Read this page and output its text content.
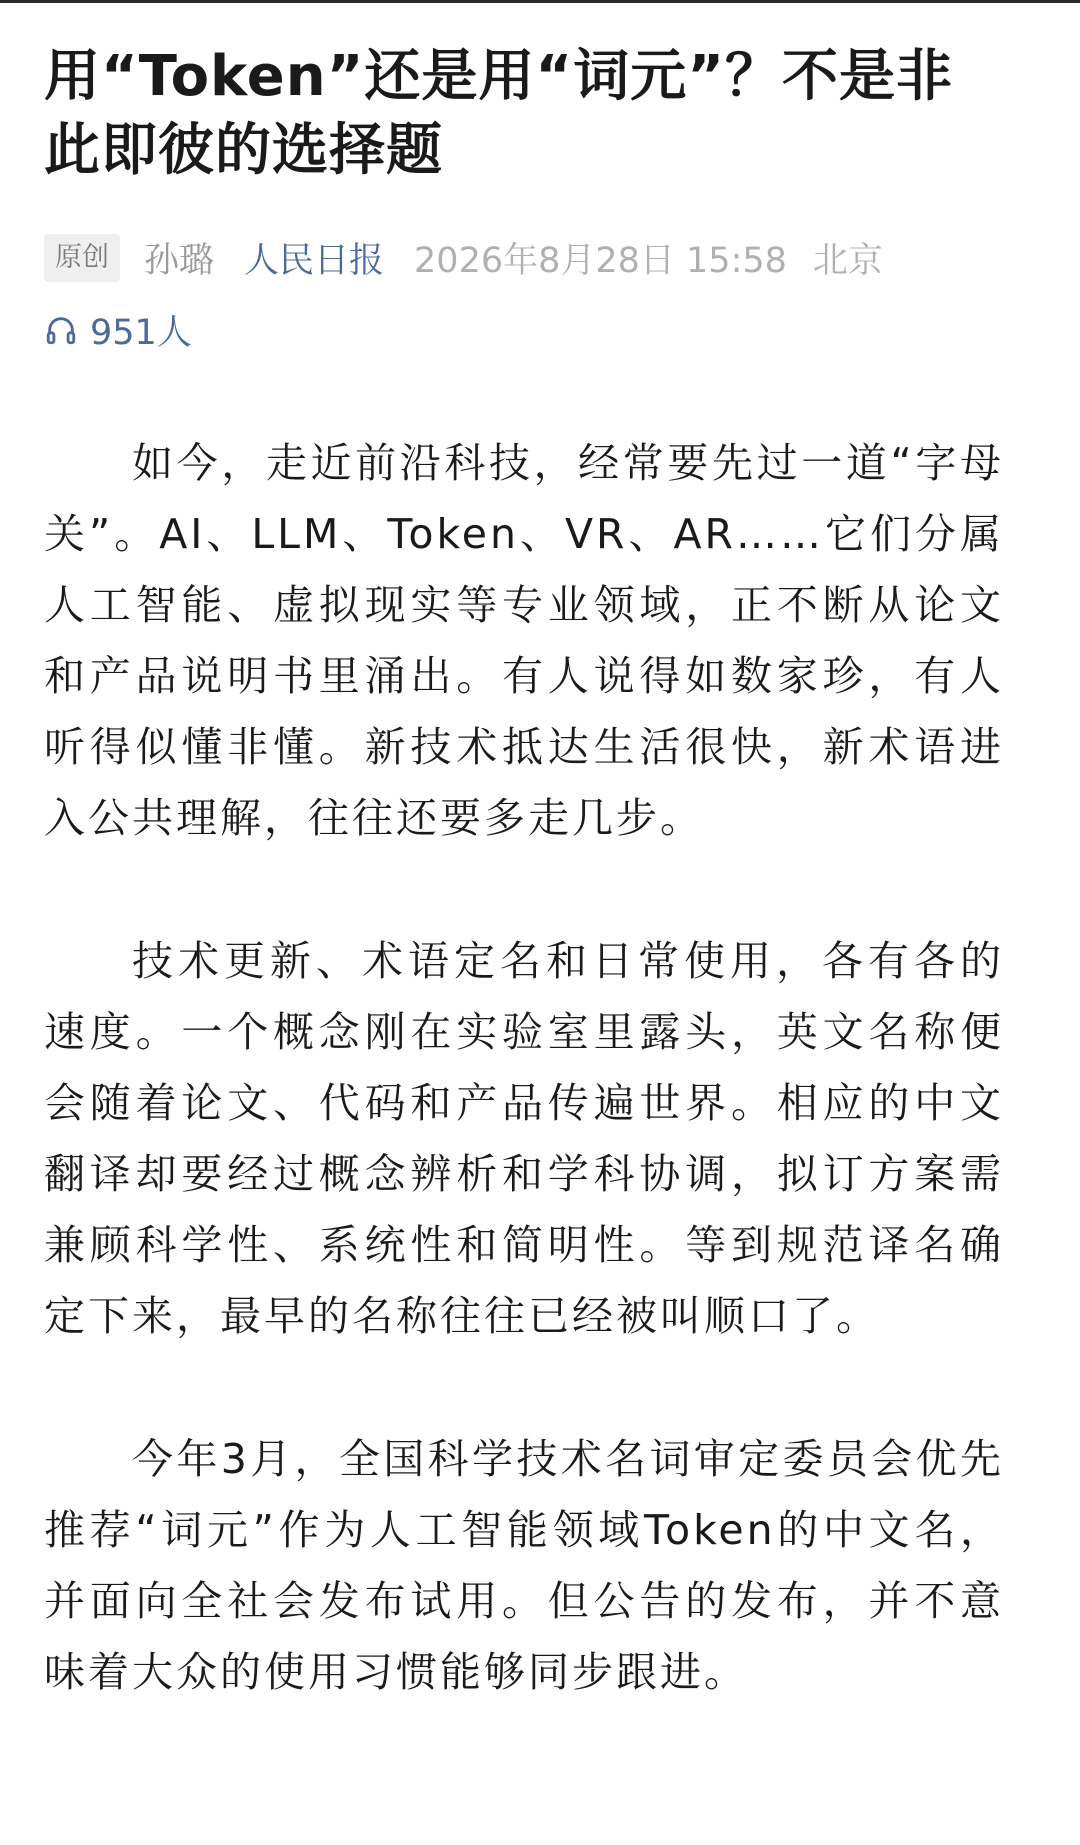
用“Token”还是用“词元”？不是非此即彼的选择题
原创	孙璐 人民日报 2026年8月28日 15:58 北京
951人

如今，走近前沿科技，经常要先过一道“字母关”。AI、LLM、Token、VR、AR……它们分属人工智能、虚拟现实等专业领域，正不断从论文和产品说明书里涌出。有人说得如数家珍，有人听得似懂非懂。新技术抵达生活很快，新术语进入公共理解，往往还要多走几步。

技术更新、术语定名和日常使用，各有各的速度。一个概念刚在实验室里露头，英文名称便会随着论文、代码和产品传遍世界。相应的中文翻译却要经过概念辨析和学科协调，拟订方案需兼顾科学性、系统性和简明性。等到规范译名确定下来，最早的名称往往已经被叫顺口了。

今年3月，全国科学技术名词审定委员会优先推荐“词元”作为人工智能领域Token的中文名，并面向全社会发布试用。但公告的发布，并不意味着大众的使用习惯能够同步跟进。
